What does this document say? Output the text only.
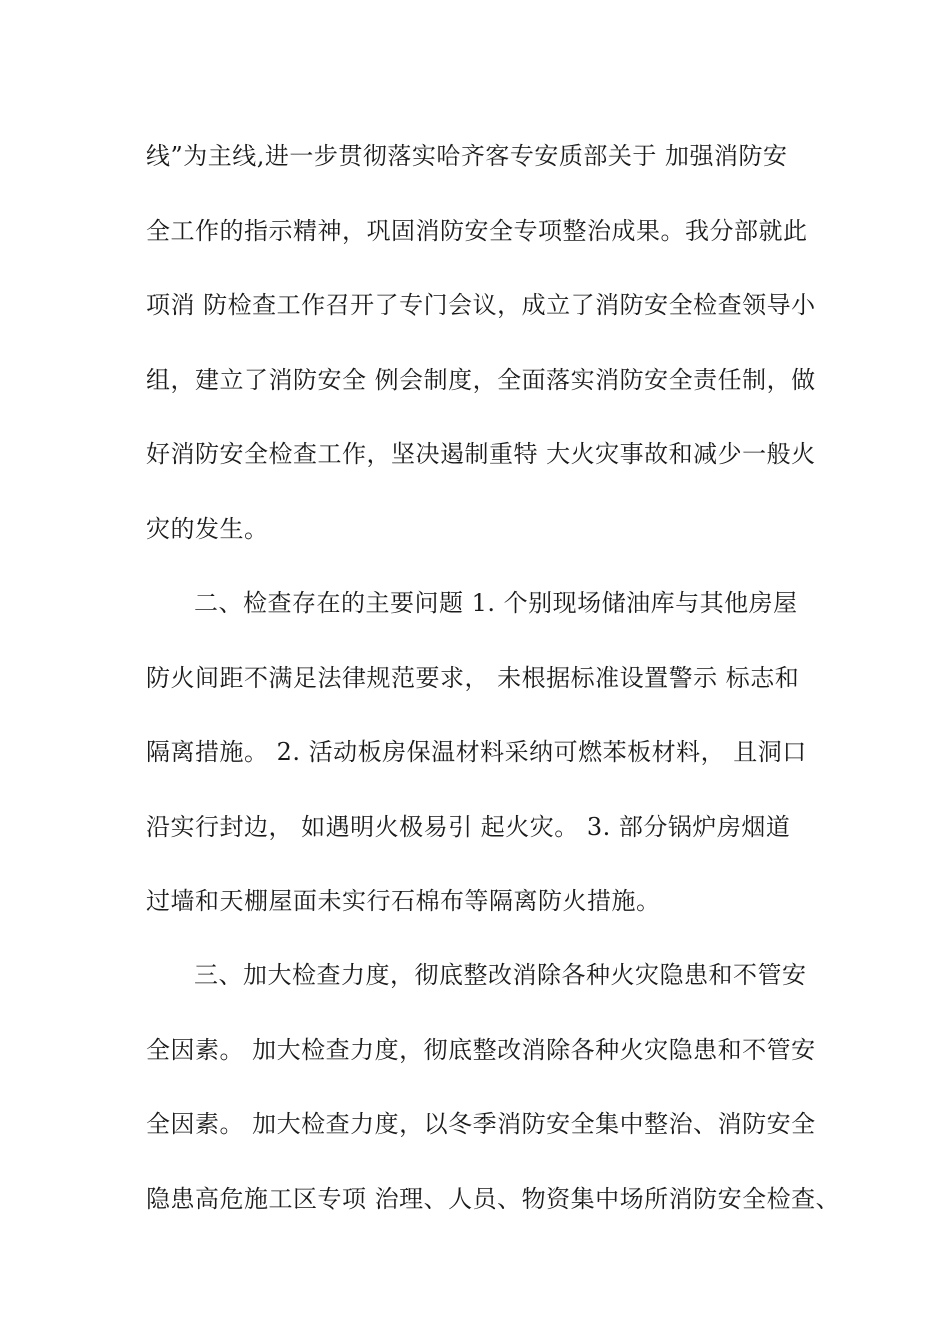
线”为主线,进一步贯彻落实哈齐客专安质部关于 加强消防安
全工作的指示精神，巩固消防安全专项整治成果。我分部就此
项消 防检查工作召开了专门会议，成立了消防安全检查领导小
组，建立了消防安全 例会制度，全面落实消防安全责任制，做
好消防安全检查工作，坚决遏制重特 大火灾事故和减少一般火
灾的发生。
二、检查存在的主要问题 1. 个别现场储油库与其他房屋
防火间距不满足法律规范要求， 未根据标准设置警示 标志和
隔离措施。 2. 活动板房保温材料采纳可燃苯板材料， 且洞口
沿实行封边， 如遇明火极易引 起火灾。 3. 部分锅炉房烟道
过墙和天棚屋面未实行石棉布等隔离防火措施。
三、加大检查力度，彻底整改消除各种火灾隐患和不管安
全因素。 加大检查力度，彻底整改消除各种火灾隐患和不管安
全因素。 加大检查力度，以冬季消防安全集中整治、消防安全
隐患高危施工区专项 治理、人员、物资集中场所消防安全检查、
